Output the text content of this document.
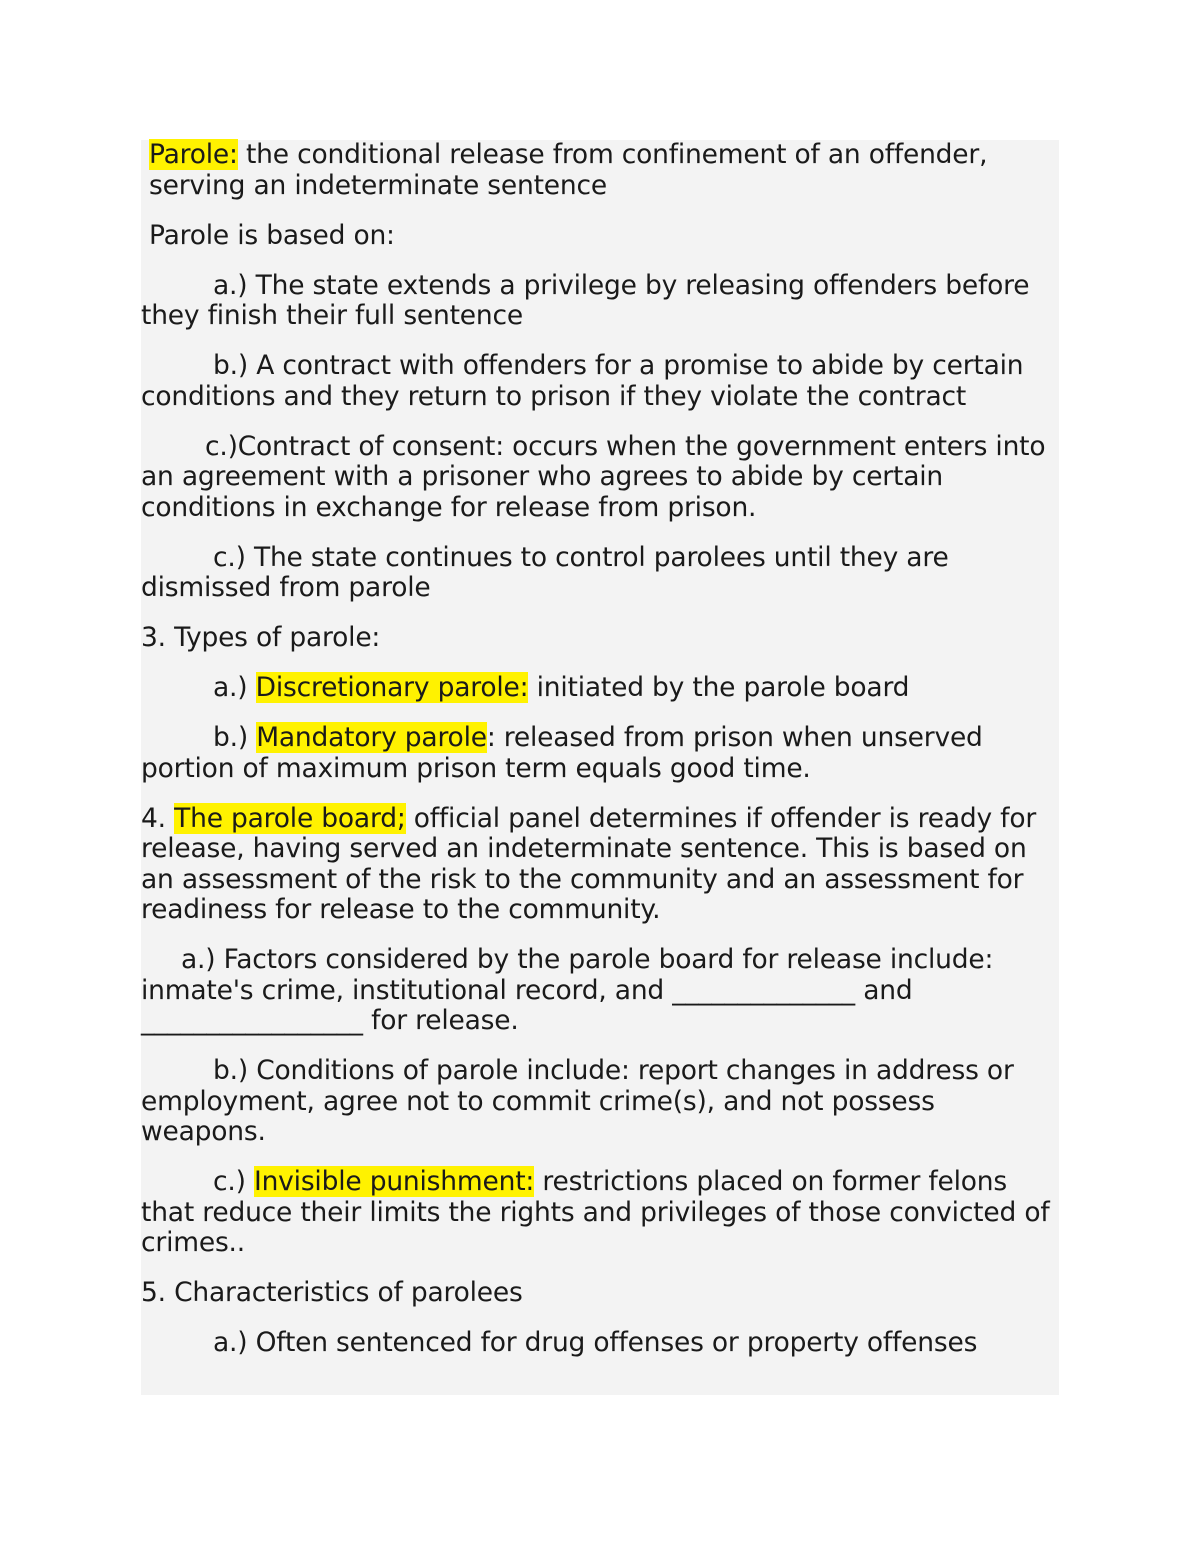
Parole: the conditional release from confinement of an offender, serving an indeterminate sentence

Parole is based on:

a.) The state extends a privilege by releasing offenders before they finish their full sentence

b.) A contract with offenders for a promise to abide by certain conditions and they return to prison if they violate the contract

c.)Contract of consent: occurs when the government enters into an agreement with a prisoner who agrees to abide by certain conditions in exchange for release from prison.

c.) The state continues to control parolees until they are dismissed from parole

3. Types of parole:

a.) Discretionary parole: initiated by the parole board

b.) Mandatory parole: released from prison when unserved portion of maximum prison term equals good time.

4. The parole board; official panel determines if offender is ready for release, having served an indeterminate sentence. This is based on an assessment of the risk to the community and an assessment for readiness for release to the community.

a.) Factors considered by the parole board for release include: inmate's crime, institutional record, and ______________ and _________________ for release.

b.) Conditions of parole include: report changes in address or employment, agree not to commit crime(s), and not possess weapons.

c.) Invisible punishment: restrictions placed on former felons that reduce their limits the rights and privileges of those convicted of crimes..

5. Characteristics of parolees

a.) Often sentenced for drug offenses or property offenses
